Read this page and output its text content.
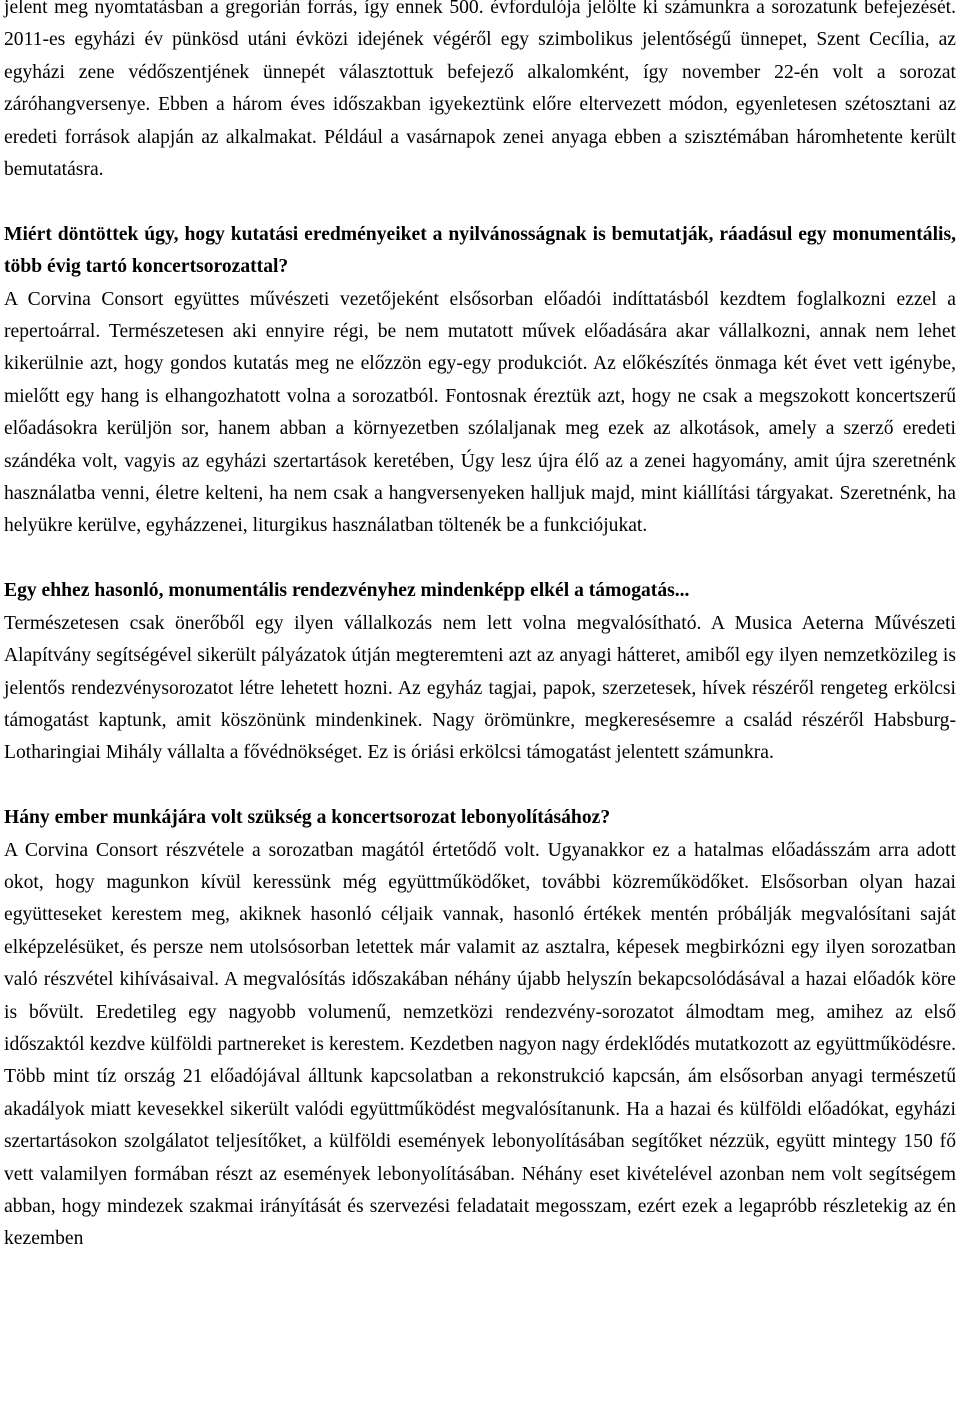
jelent meg nyomtatásban a gregorián forrás, így ennek 500. évfordulója jelölte ki számunkra a sorozatunk befejezését. 2011-es egyházi év pünkösd utáni évközi idejének végéről egy szimbolikus jelentőségű ünnepet, Szent Cecília, az egyházi zene védőszentjének ünnepét választottuk befejező alkalomként, így november 22-én volt a sorozat záróhangversenye. Ebben a három éves időszakban igyekeztünk előre eltervezett módon, egyenletesen szétosztani az eredeti források alapján az alkalmakat. Például a vasárnapok zenei anyaga ebben a szisztémában háromhetente került bemutatásra.

Miért döntöttek úgy, hogy kutatási eredményeiket a nyilvánosságnak is bemutatják, ráadásul egy monumentális, több évig tartó koncertsorozattal?

A Corvina Consort együttes művészeti vezetőjeként elsősorban előadói indíttatásból kezdtem foglalkozni ezzel a repertoárral. Természetesen aki ennyire régi, be nem mutatott művek előadására akar vállalkozni, annak nem lehet kikerülnie azt, hogy gondos kutatás meg ne előzzön egy-egy produkciót. Az előkészítés önmaga két évet vett igénybe, mielőtt egy hang is elhangozhatott volna a sorozatból. Fontosnak éreztük azt, hogy ne csak a megszokott koncertszerű előadásokra kerüljön sor, hanem abban a környezetben szólaljanak meg ezek az alkotások, amely a szerző eredeti szándéka volt, vagyis az egyházi szertartások keretében, Úgy lesz újra élő az a zenei hagyomány, amit újra szeretnénk használatba venni, életre kelteni, ha nem csak a hangversenyeken halljuk majd, mint kiállítási tárgyakat. Szeretnénk, ha helyükre kerülve, egyházzenei, liturgikus használatban töltenék be a funkciójukat.

Egy ehhez hasonló, monumentális rendezvényhez mindenképp elkél a támogatás...

Természetesen csak önerőből egy ilyen vállalkozás nem lett volna megvalósítható. A Musica Aeterna Művészeti Alapítvány segítségével sikerült pályázatok útján megteremteni azt az anyagi hátteret, amiből egy ilyen nemzetközileg is jelentős rendezvénysorozatot létre lehetett hozni. Az egyház tagjai, papok, szerzetesek, hívek részéről rengeteg erkölcsi támogatást kaptunk, amit köszönünk mindenkinek. Nagy örömünkre, megkeresésemre a család részéről Habsburg-Lotharingiai Mihály vállalta a fővédnökséget. Ez is óriási erkölcsi támogatást jelentett számunkra.

Hány ember munkájára volt szükség a koncertsorozat lebonyolításához?

A Corvina Consort részvétele a sorozatban magától értetődő volt. Ugyanakkor ez a hatalmas előadásszám arra adott okot, hogy magunkon kívül keressünk még együttműködőket, további közreműködőket. Elsősorban olyan hazai együtteseket kerestem meg, akiknek hasonló céljaik vannak, hasonló értékek mentén próbálják megvalósítani saját elképzelésüket, és persze nem utolsósorban letettek már valamit az asztalra, képesek megbirkózni egy ilyen sorozatban való részvétel kihívásaival. A megvalósítás időszakában néhány újabb helyszín bekapcsolódásával a hazai előadók köre is bővült. Eredetileg egy nagyobb volumenű, nemzetközi rendezvény-sorozatot álmodtam meg, amihez az első időszaktól kezdve külföldi partnereket is kerestem. Kezdetben nagyon nagy érdeklődés mutatkozott az együttműködésre. Több mint tíz ország 21 előadójával álltunk kapcsolatban a rekonstrukció kapcsán, ám elsősorban anyagi természetű akadályok miatt kevesekkel sikerült valódi együttműködést megvalósítanunk. Ha a hazai és külföldi előadókat, egyházi szertartásokon szolgálatot teljesítőket, a külföldi események lebonyolításában segítőket nézzük, együtt mintegy 150 fő vett valamilyen formában részt az események lebonyolításában. Néhány eset kivételével azonban nem volt segítségem abban, hogy mindezek szakmai irányítását és szervezési feladatait megosszam, ezért ezek a legapróbb részletekig az én kezemben
